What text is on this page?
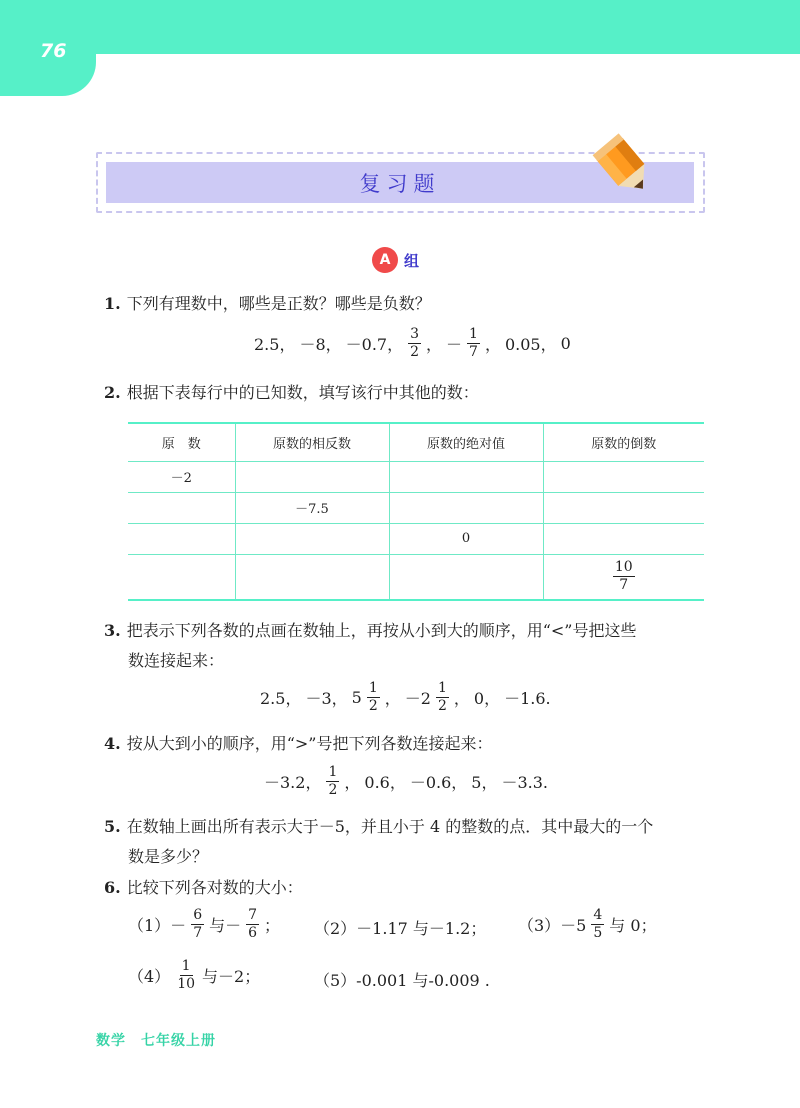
76
复习题
A 组
1. 下列有理数中，哪些是正数？哪些是负数？
2.5， －8， －0.7， $\frac{3}{2}$ ， － $\frac{1}{7}$ ， 0.05， 0
2. 根据下表每行中的已知数，填写该行中其他的数：
原　数	原数的相反数	原数的绝对值	原数的倒数
－2			
	－7.5		
		0	

			$\frac{10}{7}$
3. 把表示下列各数的点画在数轴上，再按从小到大的顺序，用“<”号把这些
数连接起来：
2.5， －3， $5 \frac{1}{2}$ ， $-2 \frac{1}{2}$ ， 0， －1.6.
4. 按从大到小的顺序，用“>”号把下列各数连接起来：
－3.2， $\frac{1}{2}$ ， 0.6， －0.6， 5， －3.3.
5. 在数轴上画出所有表示大于－5，并且小于 4 的整数的点．其中最大的一个
数是多少？
6. 比较下列各对数的大小：
$(1)- \frac{6}{7}$ 与－ $\frac{7}{6}$ ； （2）－1.17 与－1.2； $(3)-5 \frac{4}{5}$ 与 0；
$(4) \frac{1}{10}$ 与－2；	（5）-0.001 与-0.009 .
数学　七年级上册
